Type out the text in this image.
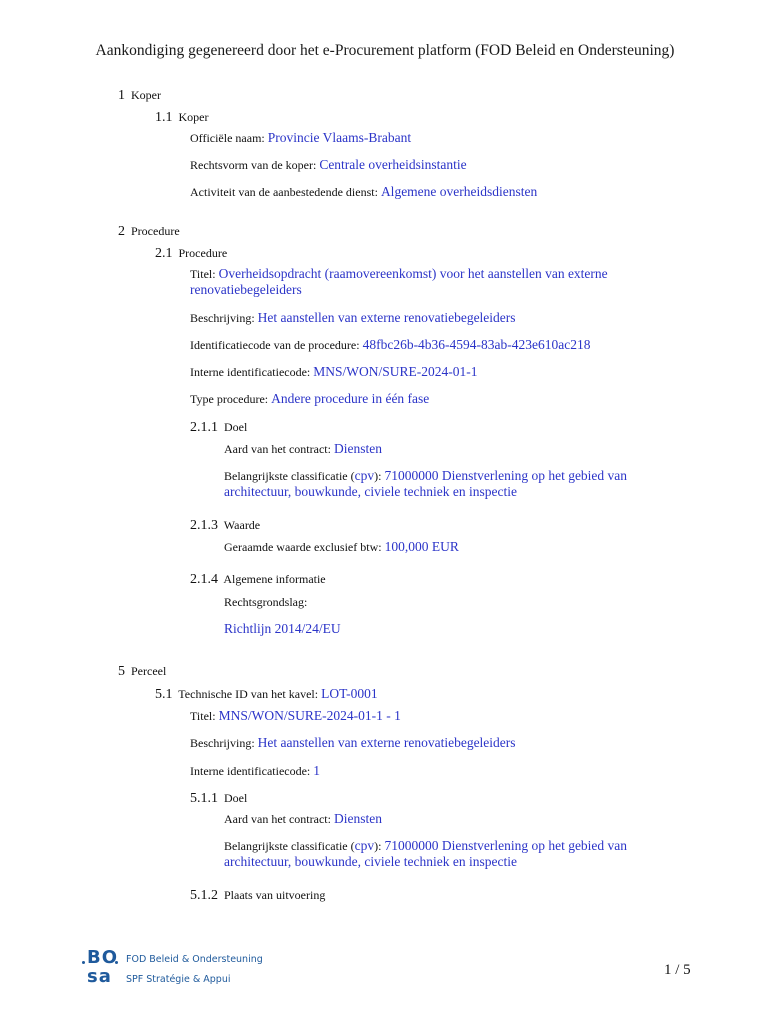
Aankondiging gegenereerd door het e-Procurement platform (FOD Beleid en Ondersteuning)
1 Koper
1.1 Koper
Officiële naam: Provincie Vlaams-Brabant
Rechtsvorm van de koper: Centrale overheidsinstantie
Activiteit van de aanbestedende dienst: Algemene overheidsdiensten
2 Procedure
2.1 Procedure
Titel: Overheidsopdracht (raamovereenkomst) voor het aanstellen van externe
renovatiebegeleiders
Beschrijving: Het aanstellen van externe renovatiebegeleiders
Identificatiecode van de procedure: 48fbc26b-4b36-4594-83ab-423e610ac218
Interne identificatiecode: MNS/WON/SURE-2024-01-1
Type procedure: Andere procedure in één fase
2.1.1 Doel
Aard van het contract: Diensten
Belangrijkste classificatie (cpv): 71000000 Dienstverlening op het gebied van
architectuur, bouwkunde, civiele techniek en inspectie
2.1.3 Waarde
Geraamde waarde exclusief btw: 100,000 EUR
2.1.4 Algemene informatie
Rechtsgrondslag:
Richtlijn 2014/24/EU
5 Perceel
5.1 Technische ID van het kavel: LOT-0001
Titel: MNS/WON/SURE-2024-01-1 - 1
Beschrijving: Het aanstellen van externe renovatiebegeleiders
Interne identificatiecode: 1
5.1.1 Doel
Aard van het contract: Diensten
Belangrijkste classificatie (cpv): 71000000 Dienstverlening op het gebied van
architectuur, bouwkunde, civiele techniek en inspectie
5.1.2 Plaats van uitvoering
BO
sa
FOD Beleid & Ondersteuning
SPF Stratégie & Appui
1 / 5
